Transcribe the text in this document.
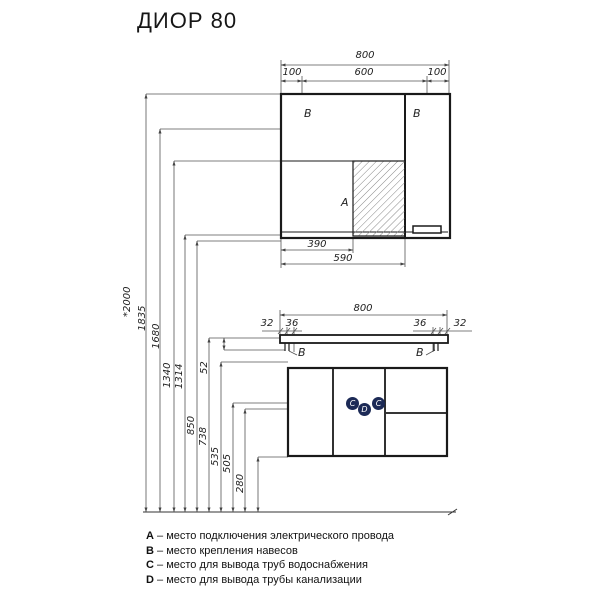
ДИОР 80
800
100	600	100
390
590
800
32	36	36	32
*2000
1835
1680
1340 1314
850
738
535 505
280
52
B	B
A
B	B
C
D
C
A – место подключения электрического провода
B – место крепления навесов
C – место для вывода труб водоснабжения
D – место для вывода трубы канализации
